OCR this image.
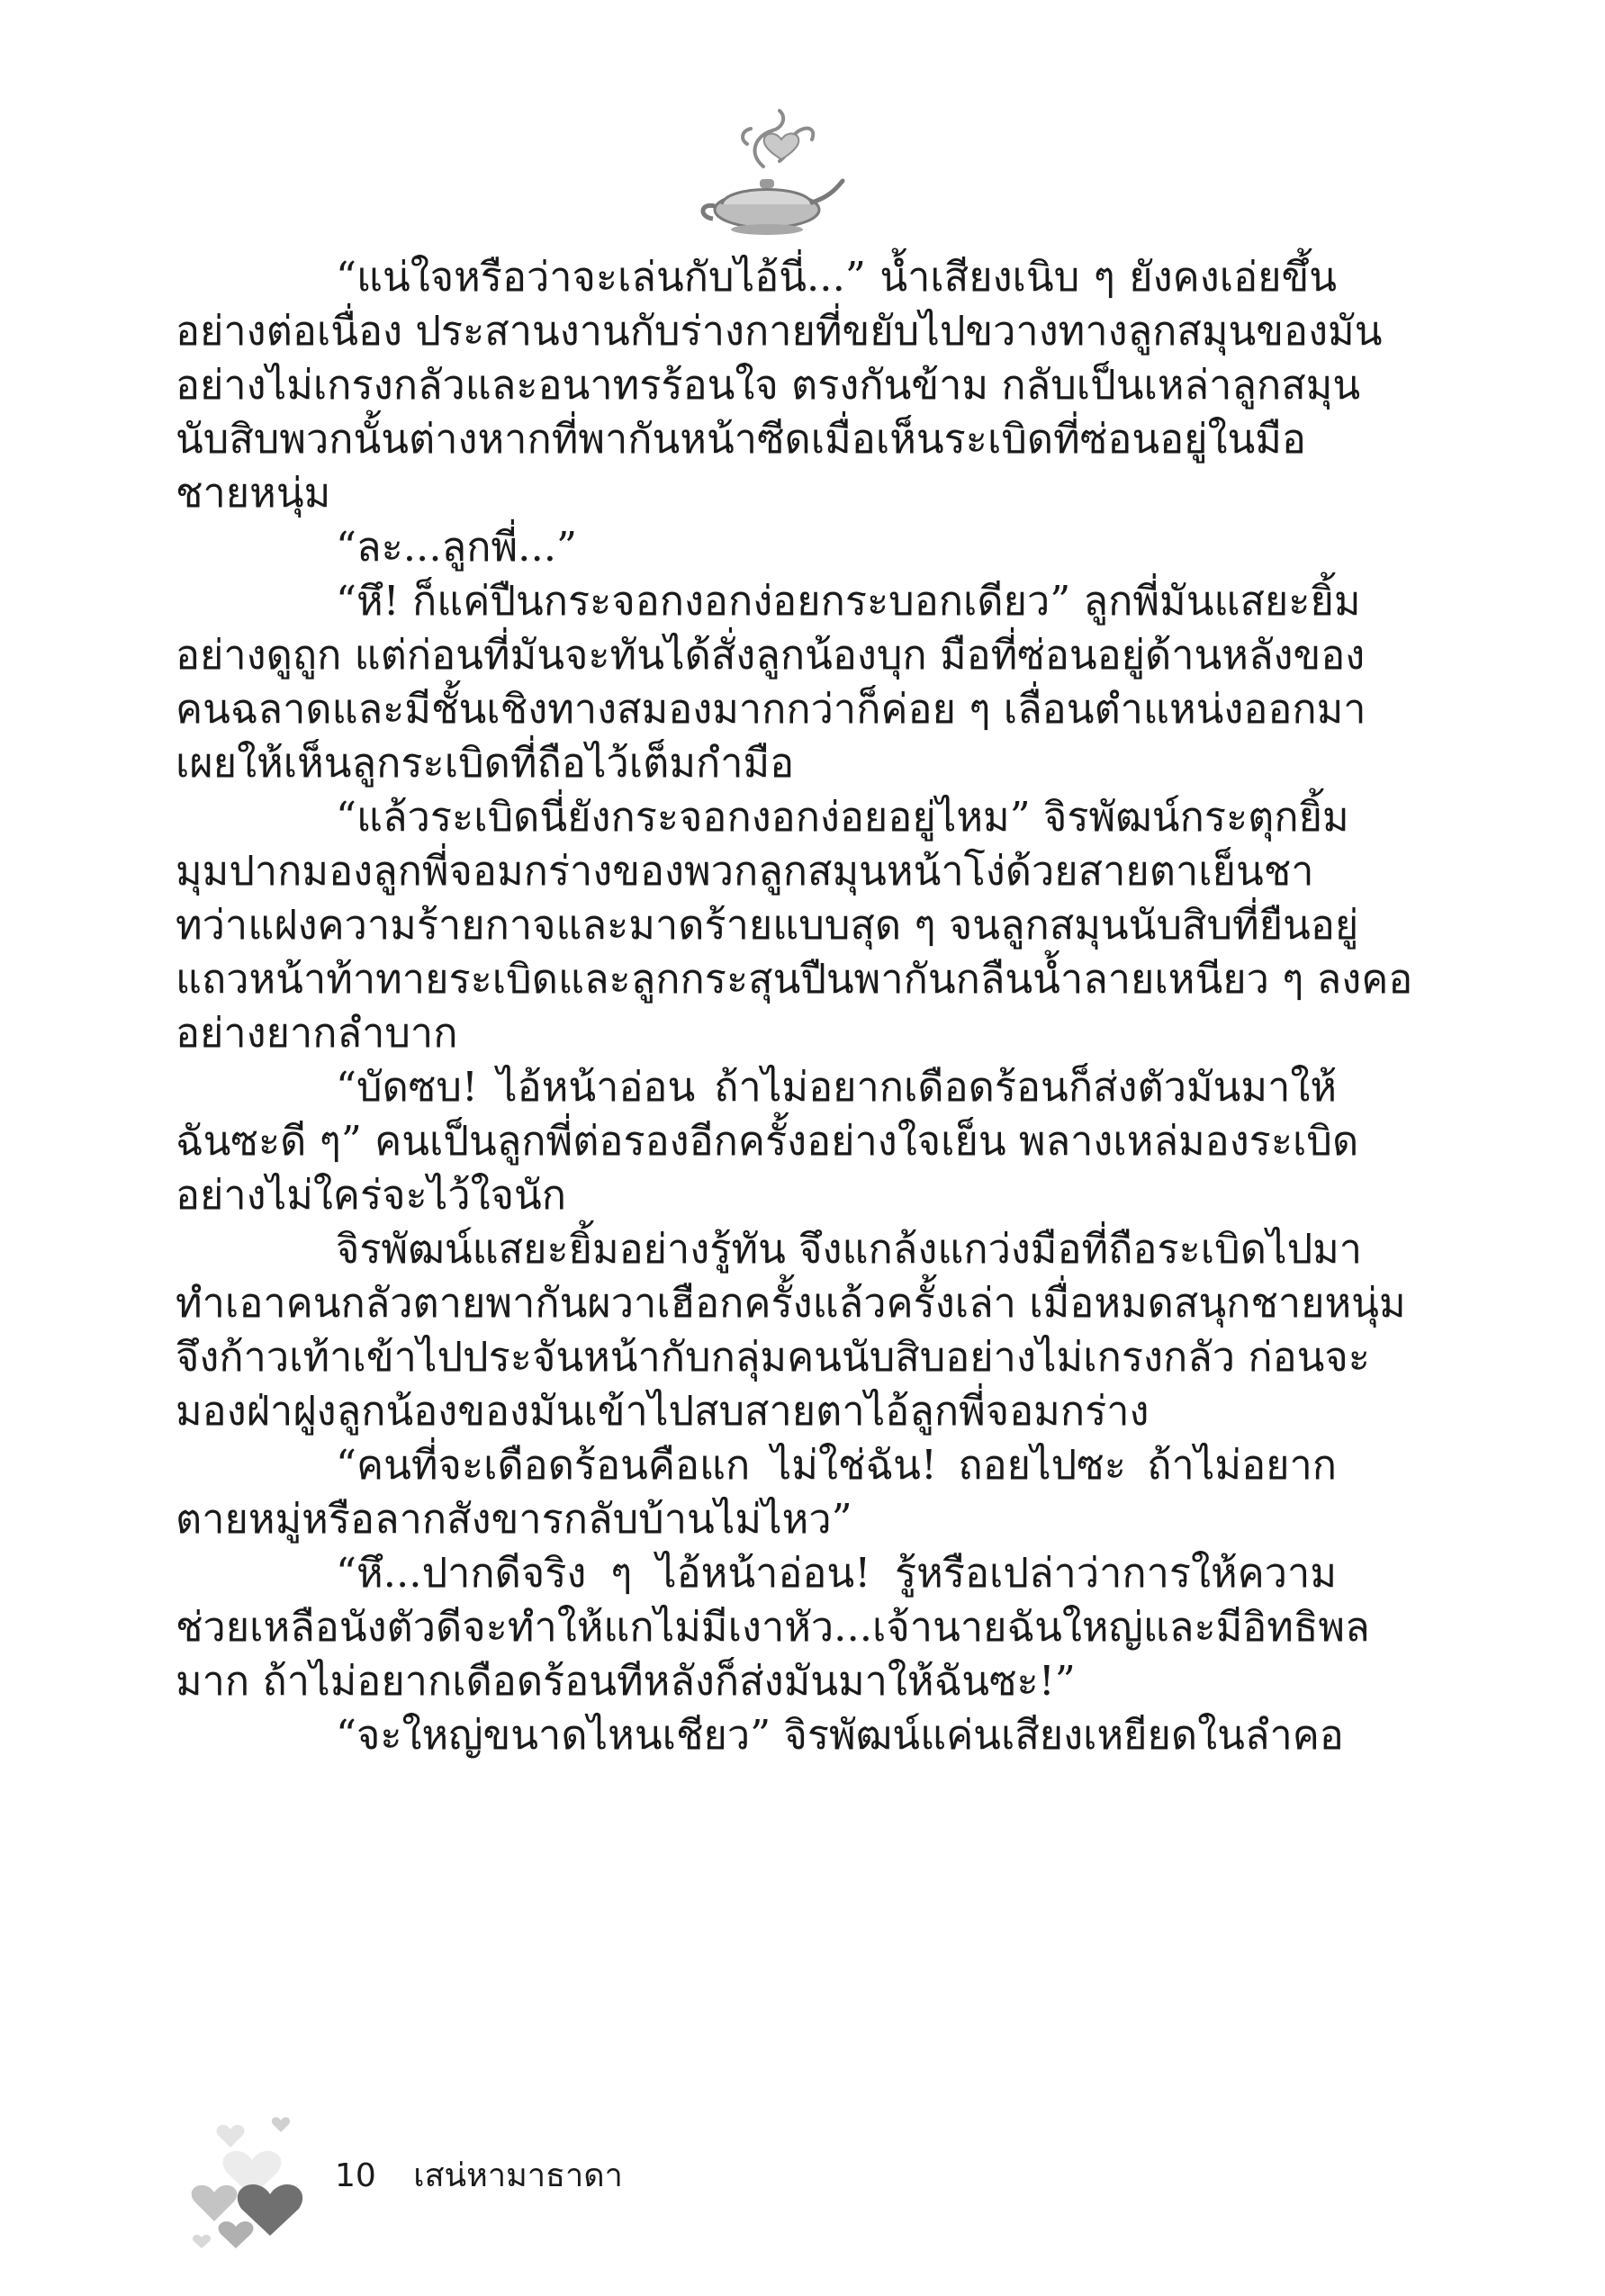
“แน่ใจหรือว่าจะเล่นกับไอ้นี่...” น้ำเสียงเนิบ ๆ ยังคงเอ่ยขึ้น
อย่างต่อเนื่อง ประสานงานกับร่างกายที่ขยับไปขวางทางลูกสมุนของมัน
อย่างไม่เกรงกลัวและอนาทรร้อนใจ ตรงกันข้าม กลับเป็นเหล่าลูกสมุน
นับสิบพวกนั้นต่างหากที่พากันหน้าซีดเมื่อเห็นระเบิดที่ซ่อนอยู่ในมือ
ชายหนุ่ม
“ละ...ลูกพี่...”
“หึ! ก็แค่ปืนกระจอกงอกง่อยกระบอกเดียว” ลูกพี่มันแสยะยิ้ม
อย่างดูถูก แต่ก่อนที่มันจะทันได้สั่งลูกน้องบุก มือที่ซ่อนอยู่ด้านหลังของ
คนฉลาดและมีชั้นเชิงทางสมองมากกว่าก็ค่อย ๆ เลื่อนตำแหน่งออกมา
เผยให้เห็นลูกระเบิดที่ถือไว้เต็มกำมือ
“แล้วระเบิดนี่ยังกระจอกงอกง่อยอยู่ไหม” จิรพัฒน์กระตุกยิ้ม
มุมปากมองลูกพี่จอมกร่างของพวกลูกสมุนหน้าโง่ด้วยสายตาเย็นชา
ทว่าแฝงความร้ายกาจและมาดร้ายแบบสุด ๆ จนลูกสมุนนับสิบที่ยืนอยู่
แถวหน้าท้าทายระเบิดและลูกกระสุนปืนพากันกลืนน้ำลายเหนียว ๆ ลงคอ
อย่างยากลำบาก
“บัดซบ! ไอ้หน้าอ่อน ถ้าไม่อยากเดือดร้อนก็ส่งตัวมันมาให้
ฉันซะดี ๆ” คนเป็นลูกพี่ต่อรองอีกครั้งอย่างใจเย็น พลางเหล่มองระเบิด
อย่างไม่ใคร่จะไว้ใจนัก
จิรพัฒน์แสยะยิ้มอย่างรู้ทัน จึงแกล้งแกว่งมือที่ถือระเบิดไปมา
ทำเอาคนกลัวตายพากันผวาเฮือกครั้งแล้วครั้งเล่า เมื่อหมดสนุกชายหนุ่ม
จึงก้าวเท้าเข้าไปประจันหน้ากับกลุ่มคนนับสิบอย่างไม่เกรงกลัว ก่อนจะ
มองฝ่าฝูงลูกน้องของมันเข้าไปสบสายตาไอ้ลูกพี่จอมกร่าง
“คนที่จะเดือดร้อนคือแก ไม่ใช่ฉัน! ถอยไปซะ ถ้าไม่อยาก
ตายหมู่หรือลากสังขารกลับบ้านไม่ไหว”
“หึ...ปากดีจริง ๆ ไอ้หน้าอ่อน! รู้หรือเปล่าว่าการให้ความ
ช่วยเหลือนังตัวดีจะทำให้แกไม่มีเงาหัว...เจ้านายฉันใหญ่และมีอิทธิพล
มาก ถ้าไม่อยากเดือดร้อนทีหลังก็ส่งมันมาให้ฉันซะ!”
“จะใหญ่ขนาดไหนเชียว” จิรพัฒน์แค่นเสียงเหยียดในลำคอ
10 เสน่หามาธาดา
